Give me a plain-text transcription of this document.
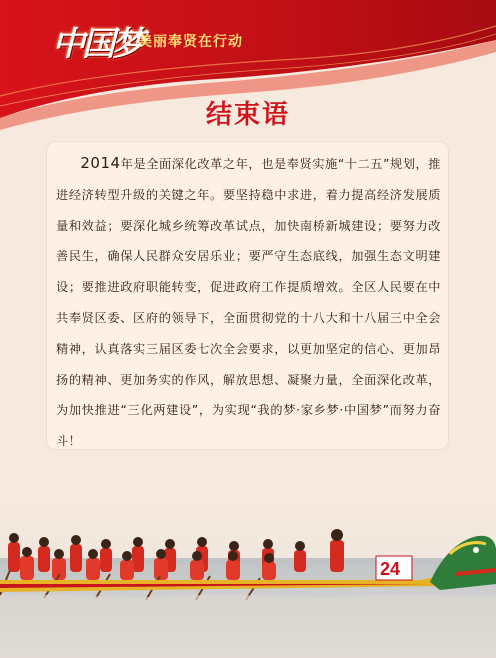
中国梦
美丽奉贤在行动
结束语
2014年是全面深化改革之年，也是奉贤实施“十二五”规划，推进经济转型升级的关键之年。要坚持稳中求进，着力提高经济发展质量和效益；要深化城乡统筹改革试点，加快南桥新城建设；要努力改善民生，确保人民群众安居乐业；要严守生态底线，加强生态文明建设；要推进政府职能转变，促进政府工作提质增效。全区人民要在中共奉贤区委、区府的领导下，全面贯彻党的十八大和十八届三中全会精神，认真落实三届区委七次全会要求，以更加坚定的信心、更加昂扬的精神、更加务实的作风，解放思想、凝聚力量，全面深化改革，为加快推进“三化两建设”，为实现“我的梦·家乡梦·中国梦”而努力奋斗！
24
